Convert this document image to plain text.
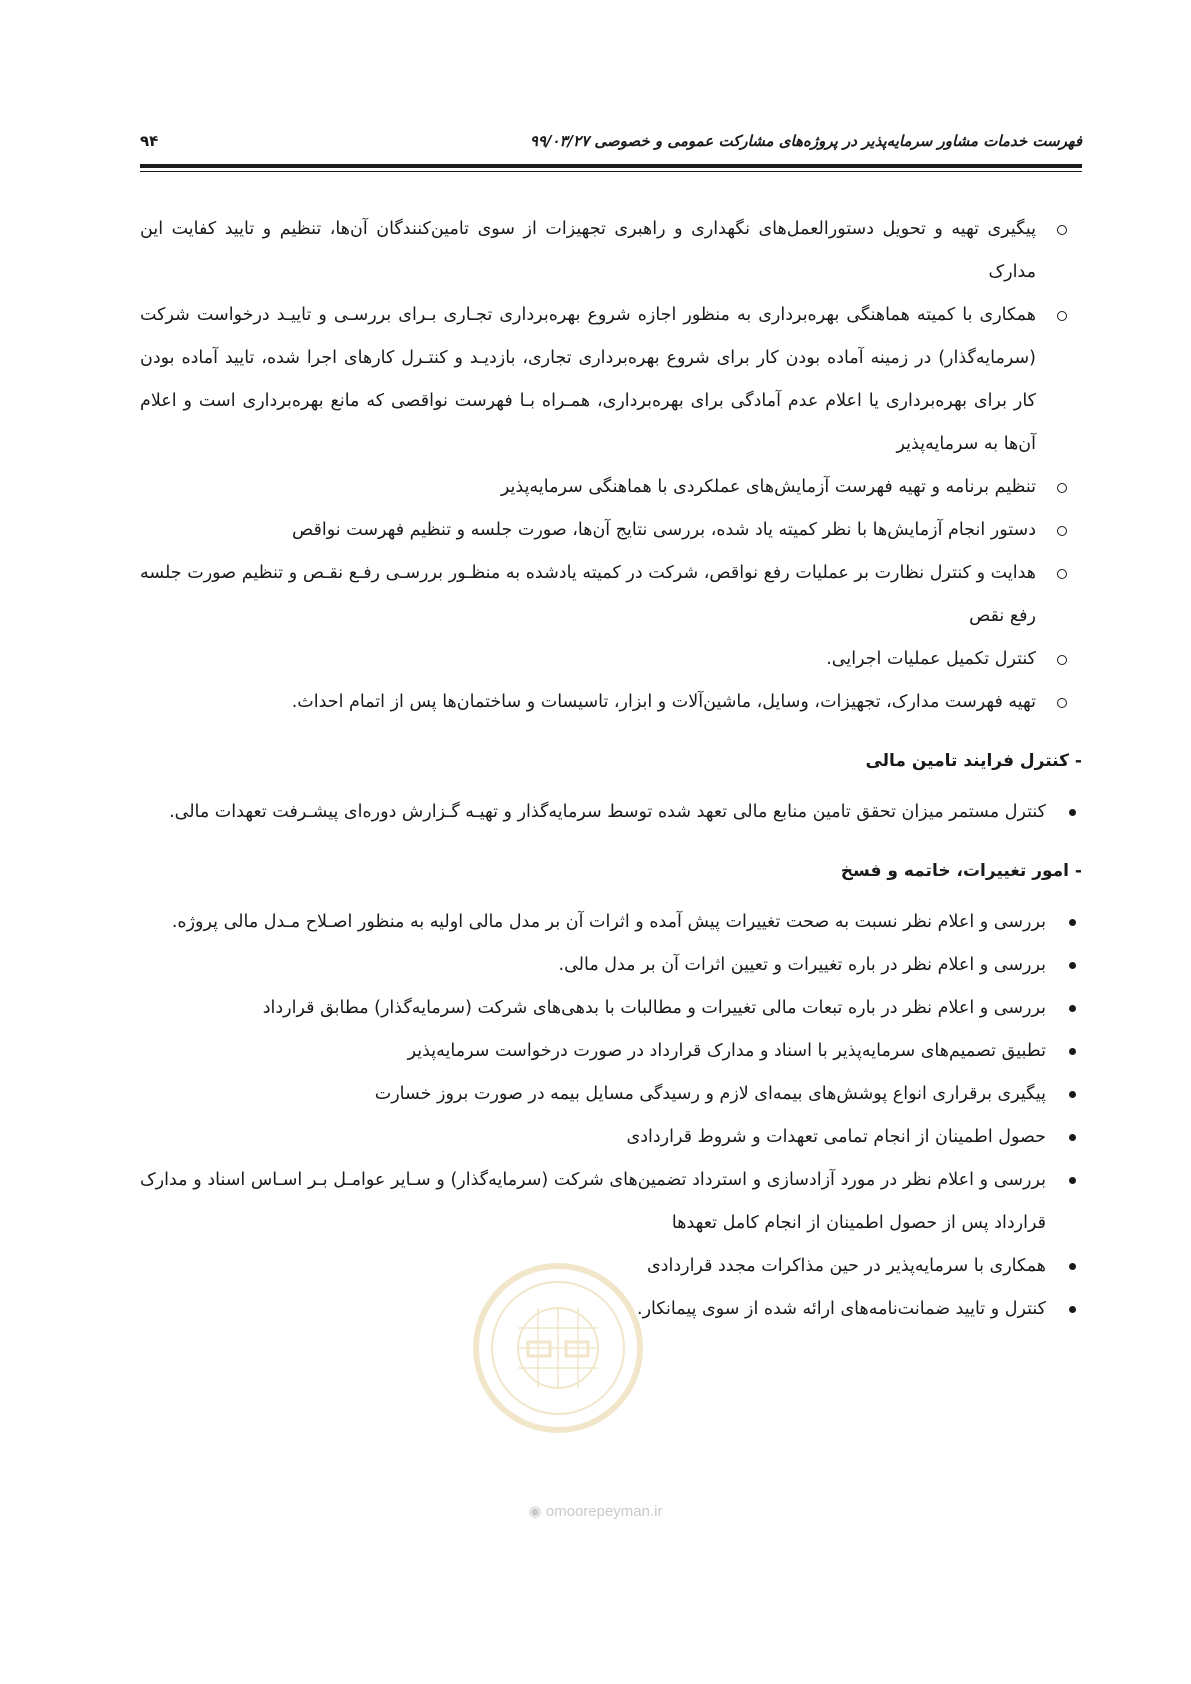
۹۴	فهرست خدمات مشاور سرمایه‌پذیر در پروژه‌های مشارکت عمومی و خصوصی ۹۹/۰۳/۲۷
پیگیری تهیه و تحویل دستورالعمل‌های نگهداری و راهبری تجهیزات از سوی تامین‌کنندگان آن‌ها، تنظیم و تایید کفایت این مدارک
همکاری با کمیته هماهنگی بهره‌برداری به منظور اجازه شروع بهره‌برداری تجـاری بـرای بررسـی و تاییـد درخواست شرکت (سرمایه‌گذار) در زمینه آماده بودن کار برای شروع بهره‌برداری تجاری، بازدیـد و کنتـرل کارهای اجرا شده، تایید آماده بودن کار برای بهره‌برداری یا اعلام عدم آمادگی برای بهره‌برداری، همـراه بـا فهرست نواقصی که مانع بهره‌برداری است و اعلام آن‌ها به سرمایه‌پذیر
تنظیم برنامه و تهیه فهرست آزمایش‌های عملکردی با هماهنگی سرمایه‌پذیر
دستور انجام آزمایش‌ها با نظر کمیته یاد شده، بررسی نتایج آن‌ها، صورت جلسه و تنظیم فهرست نواقص
هدایت و کنترل نظارت بر عملیات رفع نواقص، شرکت در کمیته یادشده به منظـور بررسـی رفـع نقـص و تنظیم صورت جلسه رفع نقص
کنترل تکمیل عملیات اجرایی.
تهیه فهرست مدارک، تجهیزات، وسایل، ماشین‌آلات و ابزار، تاسیسات و ساختمان‌ها پس از اتمام احداث.
- کنترل فرایند تامین مالی
کنترل مستمر میزان تحقق تامین منابع مالی تعهد شده توسط سرمایه‌گذار و تهیـه گـزارش دوره‌ای پیشـرفت تعهدات مالی.
- امور تغییرات، خاتمه و فسخ
بررسی و اعلام نظر نسبت به صحت تغییرات پیش آمده و اثرات آن بر مدل مالی اولیه به منظور اصـلاح مـدل مالی پروژه.
بررسی و اعلام نظر در باره تغییرات و تعیین اثرات آن بر مدل مالی.
بررسی و اعلام نظر در باره تبعات مالی تغییرات و مطالبات با بدهی‌های شرکت (سرمایه‌گذار) مطابق قرارداد
تطبیق تصمیم‌های سرمایه‌پذیر با اسناد و مدارک قرارداد در صورت درخواست سرمایه‌پذیر
پیگیری برقراری انواع پوشش‌های بیمه‌ای لازم و رسیدگی مسایل بیمه در صورت بروز خسارت
حصول اطمینان از انجام تمامی تعهدات و شروط قراردادی
بررسی و اعلام نظر در مورد آزادسازی و استرداد تضمین‌های شرکت (سرمایه‌گذار) و سـایر عوامـل بـر اسـاس اسناد و مدارک قرارداد پس از حصول اطمینان از انجام کامل تعهدها
همکاری با سرمایه‌پذیر در حین مذاکرات مجدد قراردادی
کنترل و تایید ضمانت‌نامه‌های ارائه شده از سوی پیمانکار.
◉ omoorepeyman.ir
